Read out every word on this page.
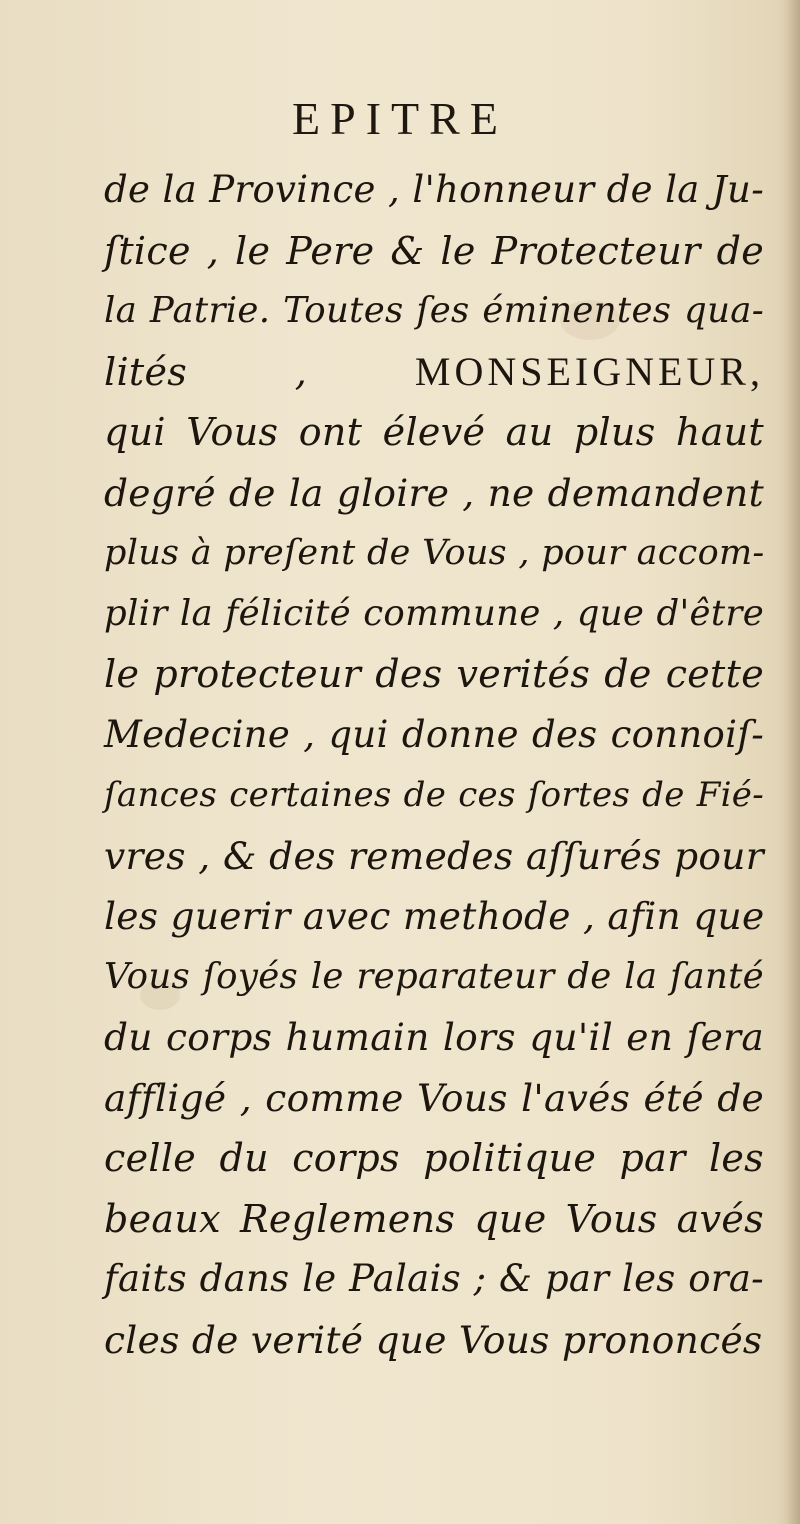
EPITRE
de la Province , l'honneur de la Ju-
ſtice , le Pere & le Protecteur de
la Patrie. Toutes ſes éminentes qua-
lités ,	MONSEIGNEUR,
qui Vous ont élevé au plus haut
degré de la gloire , ne demandent
plus à preſent de Vous , pour accom-
plir la félicité commune , que d'être
le protecteur des verités de cette
Medecine , qui donne des connoiſ-
ſances certaines de ces ſortes de Fié-
vres , & des remedes aſſurés pour
les guerir avec methode , afin que
Vous ſoyés le reparateur de la ſanté
du corps humain lors qu'il en ſera
affligé , comme Vous l'avés été de
celle du corps politique par les
beaux Reglemens que Vous avés
faits dans le Palais ; & par les ora-
cles de verité que Vous prononcés
